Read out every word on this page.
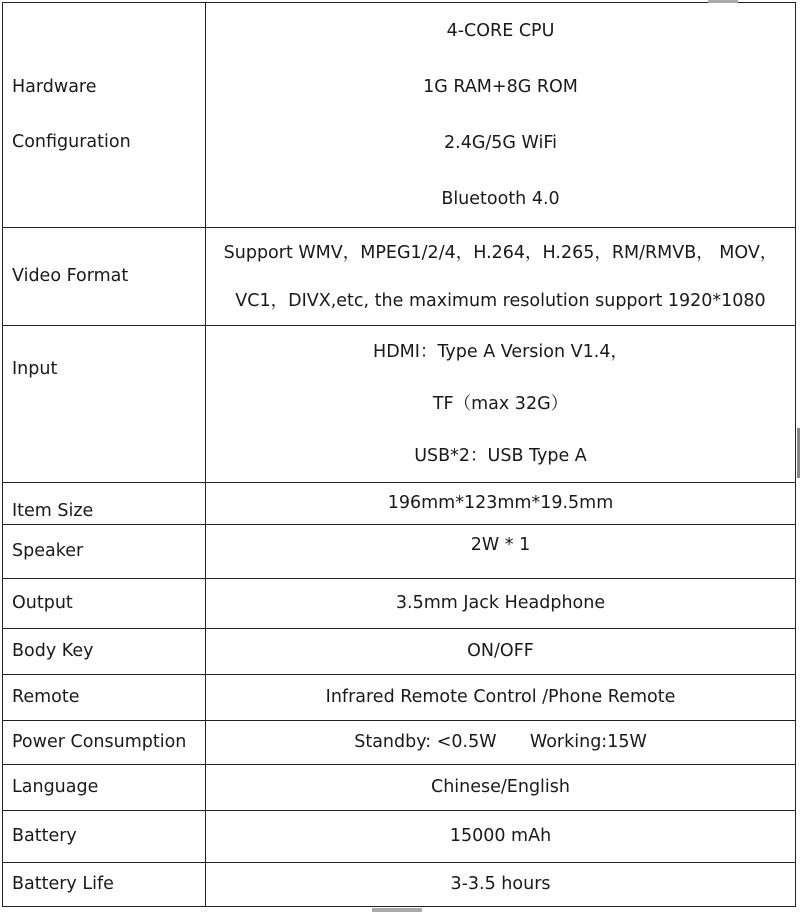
Hardware
Configuration	4-CORE CPU
1G RAM+8G ROM
2.4G/5G WiFi
Bluetooth 4.0

Video Format	Support WMV，MPEG1/2/4，H.264，H.265，RM/RMVB， MOV，
VC1，DIVX,etc, the maximum resolution support 1920*1080

Input	HDMI：Type A Version V1.4，
TF（max 32G）
USB*2：USB Type A

Item Size	196mm*123mm*19.5mm

Speaker	2W * 1

Output	3.5mm Jack Headphone

Body Key	ON/OFF

Remote	Infrared Remote Control /Phone Remote

Power Consumption	Standby: <0.5W      Working:15W

Language	Chinese/English

Battery	15000 mAh

Battery Life	3-3.5 hours
